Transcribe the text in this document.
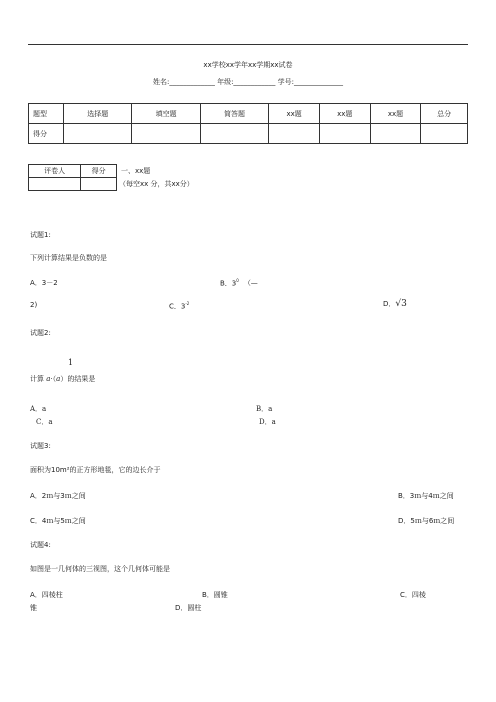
xx学校xx学年xx学期xx试卷
姓名:_____________ 年级:____________ 学号:______________
题型	选择题	填空题	简答题	xx题	xx题	xx题	总分
得分							
评卷人	得分
	一、xx题
（每空xx 分，共xx分）
试题1:
下列计算结果是负数的是
A．3－2	B．$3^0$ （—
2)	C．$3^{-2}$	D．√3
试题2:
1
计算 a·（a）的结果是
A．a	B．a
C．a	D．a
试题3:
面积为10m²的正方形地毯，它的边长介于
A．2ｍ与3ｍ之间	B．3ｍ与4ｍ之间
C．4ｍ与5ｍ之间	D．5ｍ与6ｍ之间
试题4:
如图是一几何体的三视图，这个几何体可能是
A．四棱柱	B．圆锥	C．四棱
锥	D．圆柱
